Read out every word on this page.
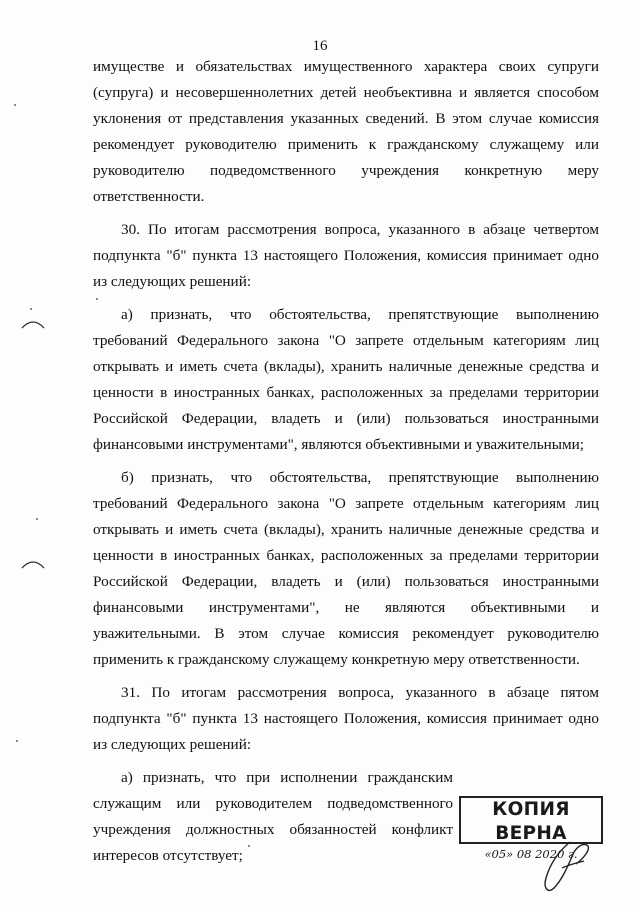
16

имуществе и обязательствах имущественного характера своих супруги (супруга) и несовершеннолетних детей необъективна и является способом уклонения от представления указанных сведений. В этом случае комиссия рекомендует руководителю применить к гражданскому служащему или руководителю подведомственного учреждения конкретную меру ответственности.

30. По итогам рассмотрения вопроса, указанного в абзаце четвертом подпункта "б" пункта 13 настоящего Положения, комиссия принимает одно из следующих решений:

а) признать, что обстоятельства, препятствующие выполнению требований Федерального закона "О запрете отдельным категориям лиц открывать и иметь счета (вклады), хранить наличные денежные средства и ценности в иностранных банках, расположенных за пределами территории Российской Федерации, владеть и (или) пользоваться иностранными финансовыми инструментами", являются объективными и уважительными;

б) признать, что обстоятельства, препятствующие выполнению требований Федерального закона "О запрете отдельным категориям лиц открывать и иметь счета (вклады), хранить наличные денежные средства и ценности в иностранных банках, расположенных за пределами территории Российской Федерации, владеть и (или) пользоваться иностранными финансовыми инструментами", не являются объективными и уважительными. В этом случае комиссия рекомендует руководителю применить к гражданскому служащему конкретную меру ответственности.

31. По итогам рассмотрения вопроса, указанного в абзаце пятом подпункта "б" пункта 13 настоящего Положения, комиссия принимает одно из следующих решений:

а) признать, что при исполнении гражданским служащим или руководителем подведомственного учреждения должностных обязанностей конфликт интересов отсутствует;

КОПИЯ ВЕРНА
«05» 08 2020 г.
